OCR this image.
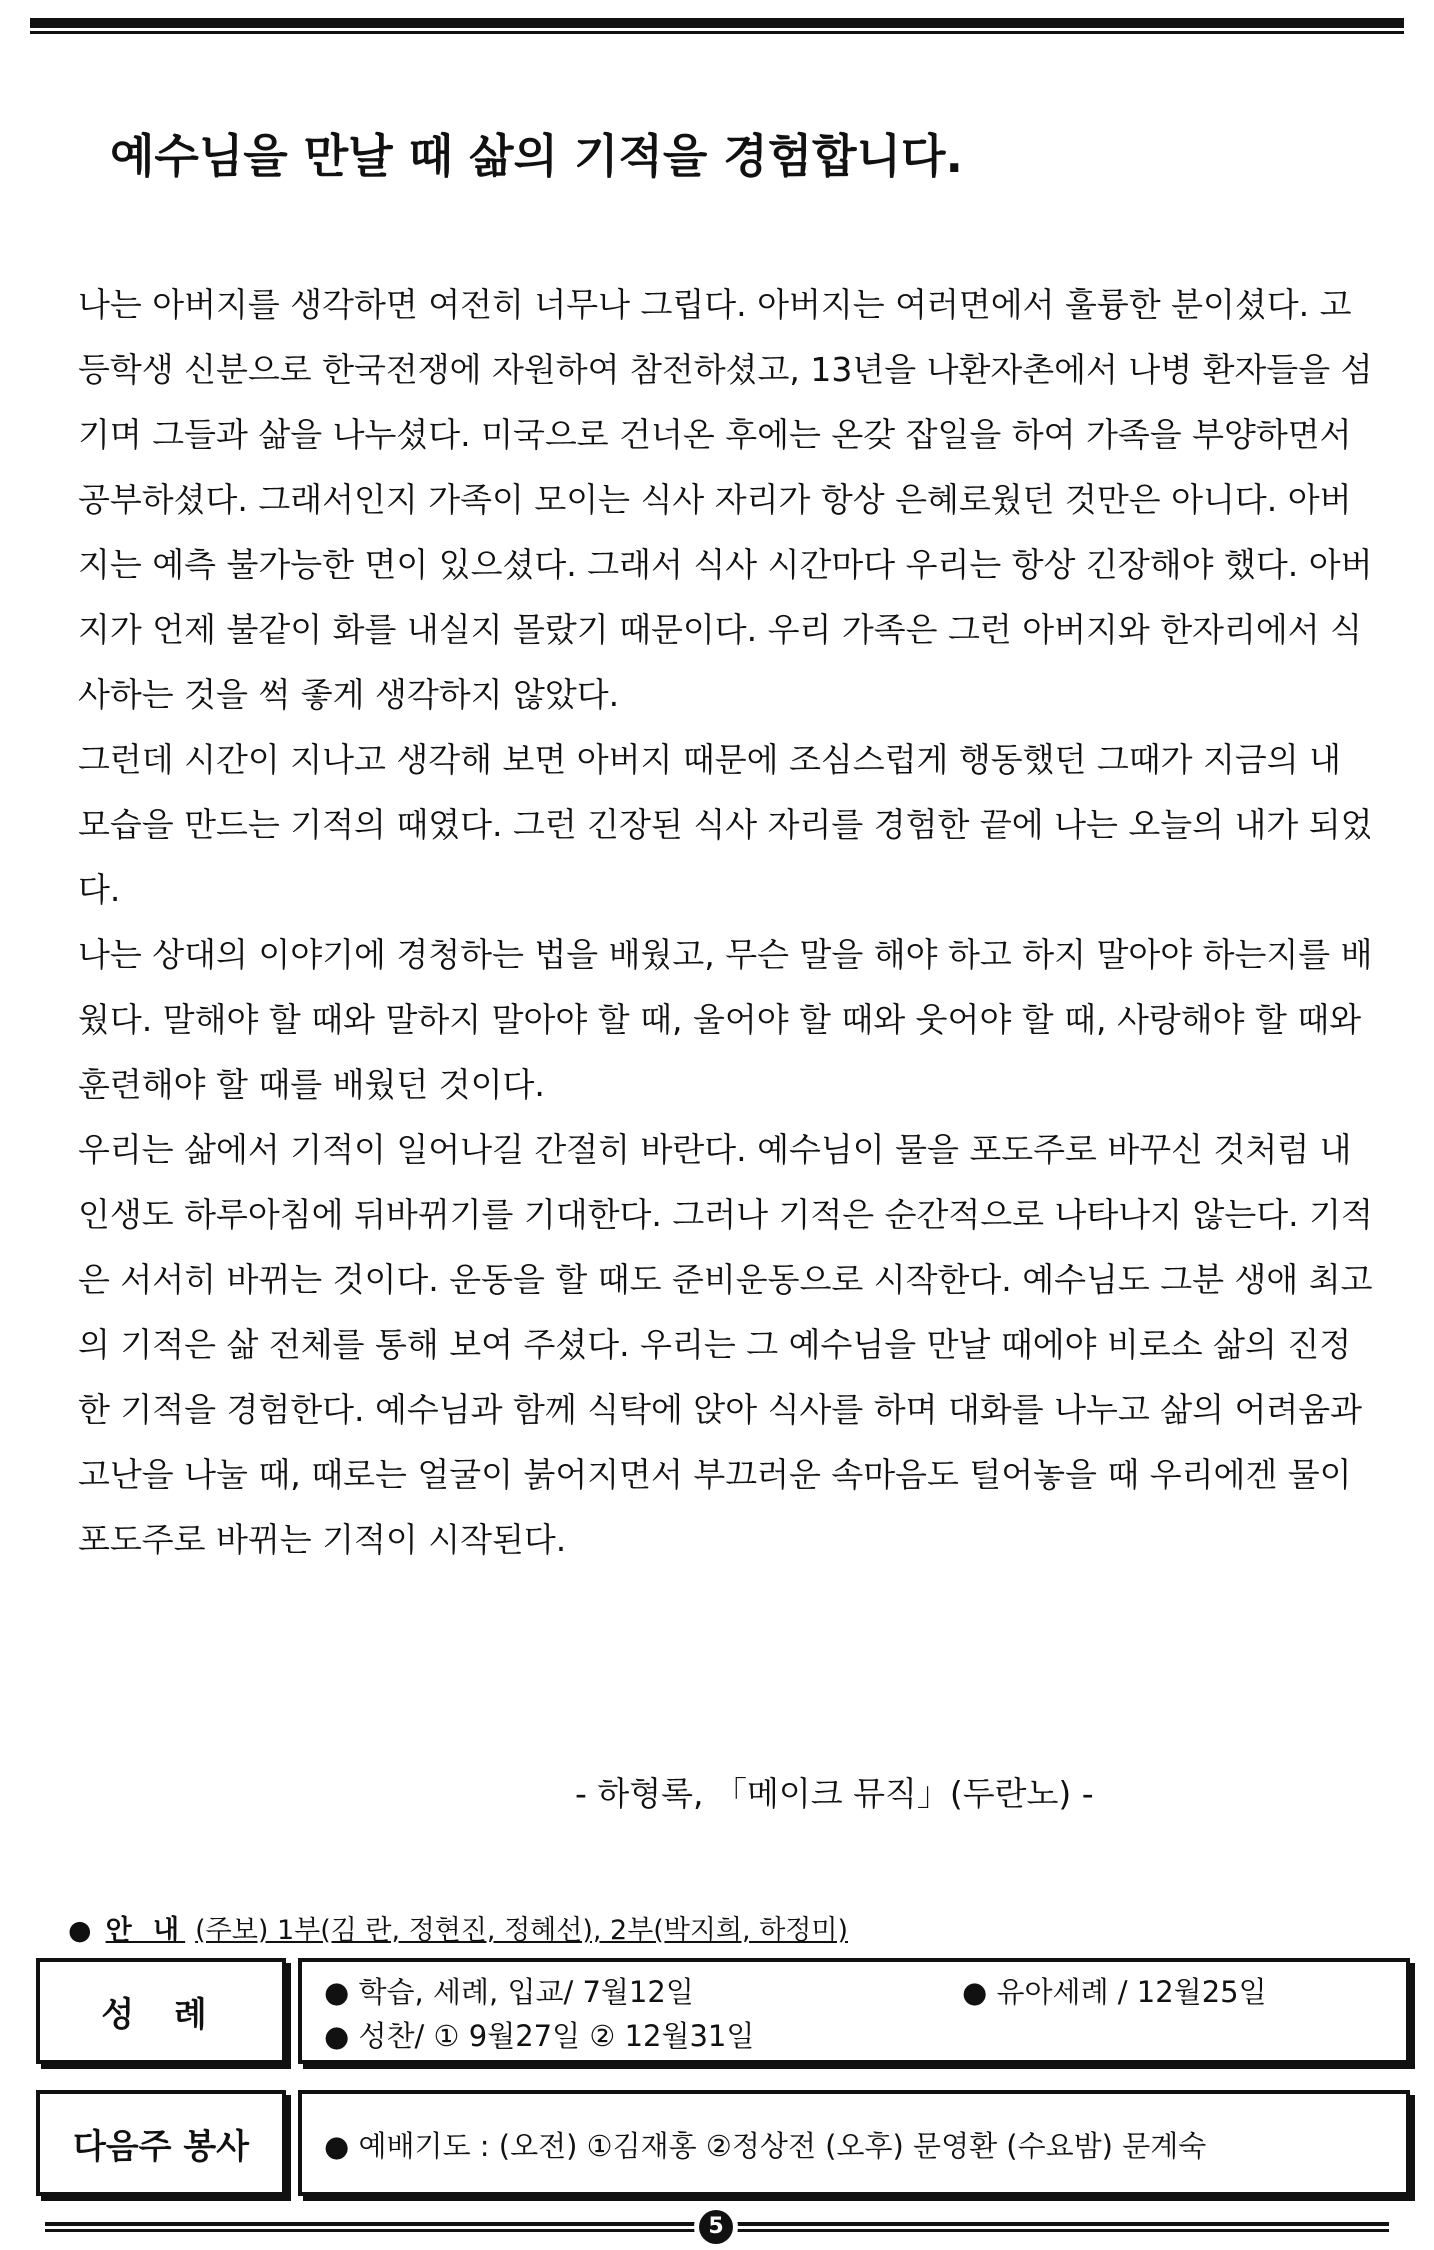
예수님을 만날 때 삶의 기적을 경험합니다.

나는 아버지를 생각하면 여전히 너무나 그립다. 아버지는 여러면에서 훌륭한 분이셨다. 고등학생 신분으로 한국전쟁에 자원하여 참전하셨고, 13년을 나환자촌에서 나병 환자들을 섬기며 그들과 삶을 나누셨다. 미국으로 건너온 후에는 온갖 잡일을 하여 가족을 부양하면서 공부하셨다. 그래서인지 가족이 모이는 식사 자리가 항상 은혜로웠던 것만은 아니다. 아버지는 예측 불가능한 면이 있으셨다. 그래서 식사 시간마다 우리는 항상 긴장해야 했다. 아버지가 언제 불같이 화를 내실지 몰랐기 때문이다. 우리 가족은 그런 아버지와 한자리에서 식사하는 것을 썩 좋게 생각하지 않았다.

그런데 시간이 지나고 생각해 보면 아버지 때문에 조심스럽게 행동했던 그때가 지금의 내 모습을 만드는 기적의 때였다. 그런 긴장된 식사 자리를 경험한 끝에 나는 오늘의 내가 되었다.

나는 상대의 이야기에 경청하는 법을 배웠고, 무슨 말을 해야 하고 하지 말아야 하는지를 배웠다. 말해야 할 때와 말하지 말아야 할 때, 울어야 할 때와 웃어야 할 때, 사랑해야 할 때와 훈련해야 할 때를 배웠던 것이다.

우리는 삶에서 기적이 일어나길 간절히 바란다. 예수님이 물을 포도주로 바꾸신 것처럼 내 인생도 하루아침에 뒤바뀌기를 기대한다. 그러나 기적은 순간적으로 나타나지 않는다. 기적은 서서히 바뀌는 것이다. 운동을 할 때도 준비운동으로 시작한다. 예수님도 그분 생애 최고의 기적은 삶 전체를 통해 보여 주셨다. 우리는 그 예수님을 만날 때에야 비로소 삶의 진정한 기적을 경험한다. 예수님과 함께 식탁에 앉아 식사를 하며 대화를 나누고 삶의 어려움과 고난을 나눌 때, 때로는 얼굴이 붉어지면서 부끄러운 속마음도 털어놓을 때 우리에겐 물이 포도주로 바뀌는 기적이 시작된다.

- 하형록, 「메이크 뮤직」(두란노) -
● 안 내 (주보) 1부(김 란, 정현진, 정혜선), 2부(박지희, 하정미)
성 례
● 학습, 세례, 입교/ 7월12일	● 유아세례 / 12월25일
● 성찬/ ① 9월27일 ② 12월31일
다음주 봉사	● 예배기도 : (오전) ①김재홍 ②정상전 (오후) 문영환 (수요밤) 문계숙
5
